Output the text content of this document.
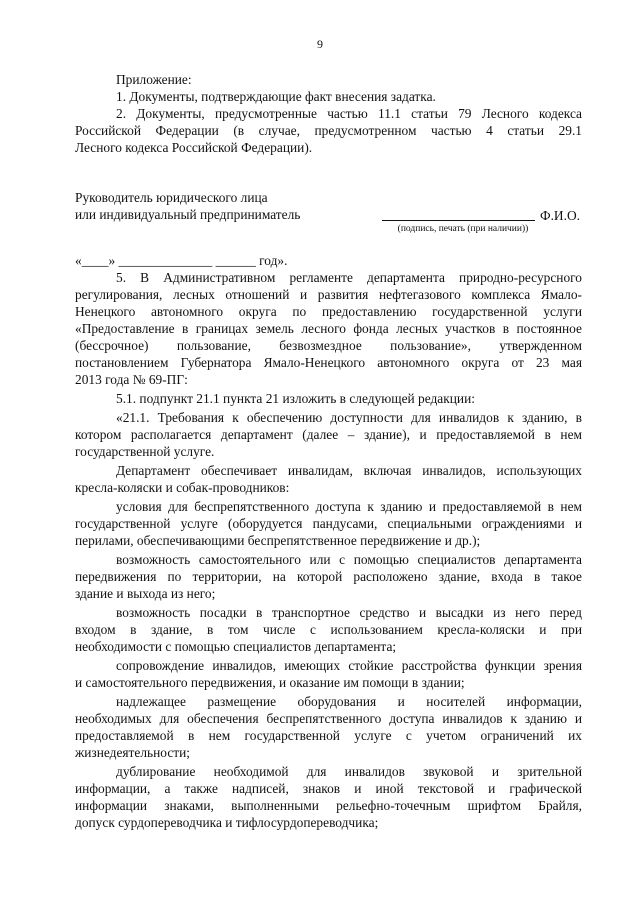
9
Приложение:
1. Документы, подтверждающие факт внесения задатка.
2. Документы, предусмотренные частью 11.1 статьи 79 Лесного кодекса
Российской Федерации (в случае, предусмотренном частью 4 статьи 29.1
Лесного кодекса Российской Федерации).
Руководитель юридического лица
или индивидуальный предприниматель	Ф.И.О.
(подпись, печать (при наличии))
«____» ______________ ______ год».
5. В Административном регламенте департамента природно-ресурсного
регулирования, лесных отношений и развития нефтегазового комплекса Ямало-
Ненецкого автономного округа по предоставлению государственной услуги
«Предоставление в границах земель лесного фонда лесных участков в постоянное
(бессрочное) пользование, безвозмездное пользование», утвержденном
постановлением Губернатора Ямало-Ненецкого автономного округа от 23 мая
2013 года № 69-ПГ:
5.1. подпункт 21.1 пункта 21 изложить в следующей редакции:
«21.1. Требования к обеспечению доступности для инвалидов к зданию, в
котором располагается департамент (далее – здание), и предоставляемой в нем
государственной услуге.
Департамент обеспечивает инвалидам, включая инвалидов, использующих
кресла-коляски и собак-проводников:
условия для беспрепятственного доступа к зданию и предоставляемой в нем
государственной услуге (оборудуется пандусами, специальными ограждениями и
перилами, обеспечивающими беспрепятственное передвижение и др.);
возможность самостоятельного или с помощью специалистов департамента
передвижения по территории, на которой расположено здание, входа в такое
здание и выхода из него;
возможность посадки в транспортное средство и высадки из него перед
входом в здание, в том числе с использованием кресла-коляски и при
необходимости с помощью специалистов департамента;
сопровождение инвалидов, имеющих стойкие расстройства функции зрения
и самостоятельного передвижения, и оказание им помощи в здании;
надлежащее размещение оборудования и носителей информации,
необходимых для обеспечения беспрепятственного доступа инвалидов к зданию и
предоставляемой в нем государственной услуге с учетом ограничений их
жизнедеятельности;
дублирование необходимой для инвалидов звуковой и зрительной
информации, а также надписей, знаков и иной текстовой и графической
информации знаками, выполненными рельефно-точечным шрифтом Брайля,
допуск сурдопереводчика и тифлосурдопереводчика;
